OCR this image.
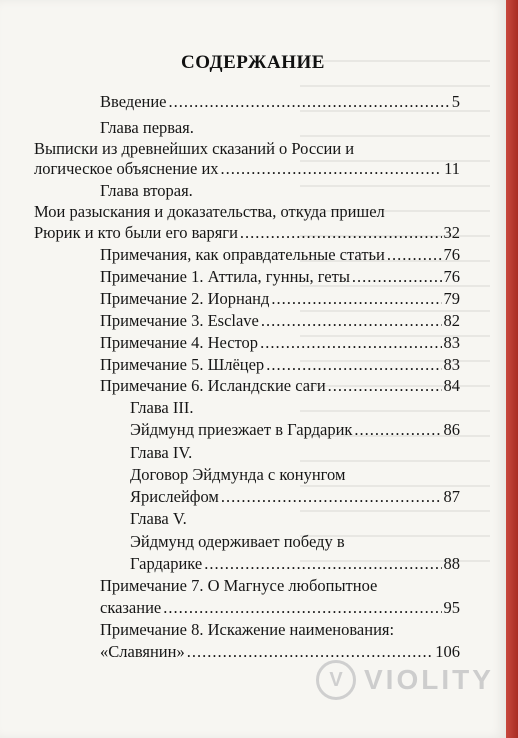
СОДЕРЖАНИЕ
Введение .....	5
Глава первая.
Выписки из древнейших сказаний о России и
логическое объяснение их .....	11
Глава вторая.
Мои разыскания и доказательства, откуда пришел
Рюрик и кто были его варяги .....	32
Примечания, как оправдательные статьи .....	76
Примечание 1. Аттила, гунны, геты .....	76
Примечание 2. Иорнанд .....	79
Примечание 3. Esclave .....	82
Примечание 4. Нестор .....	83
Примечание 5. Шлёцер .....	83
Примечание 6. Исландские саги .....	84
Глава III.
Эйдмунд приезжает в Гардарик .....	86
Глава IV.
Договор Эйдмунда с конунгом
Ярислейфом .....	87
Глава V.
Эйдмунд одерживает победу в
Гардарике .....	88
Примечание 7. О Магнусе любопытное
сказание .....	95
Примечание 8. Искажение наименования:
«Славянин» .....	106
V VIOLITY
